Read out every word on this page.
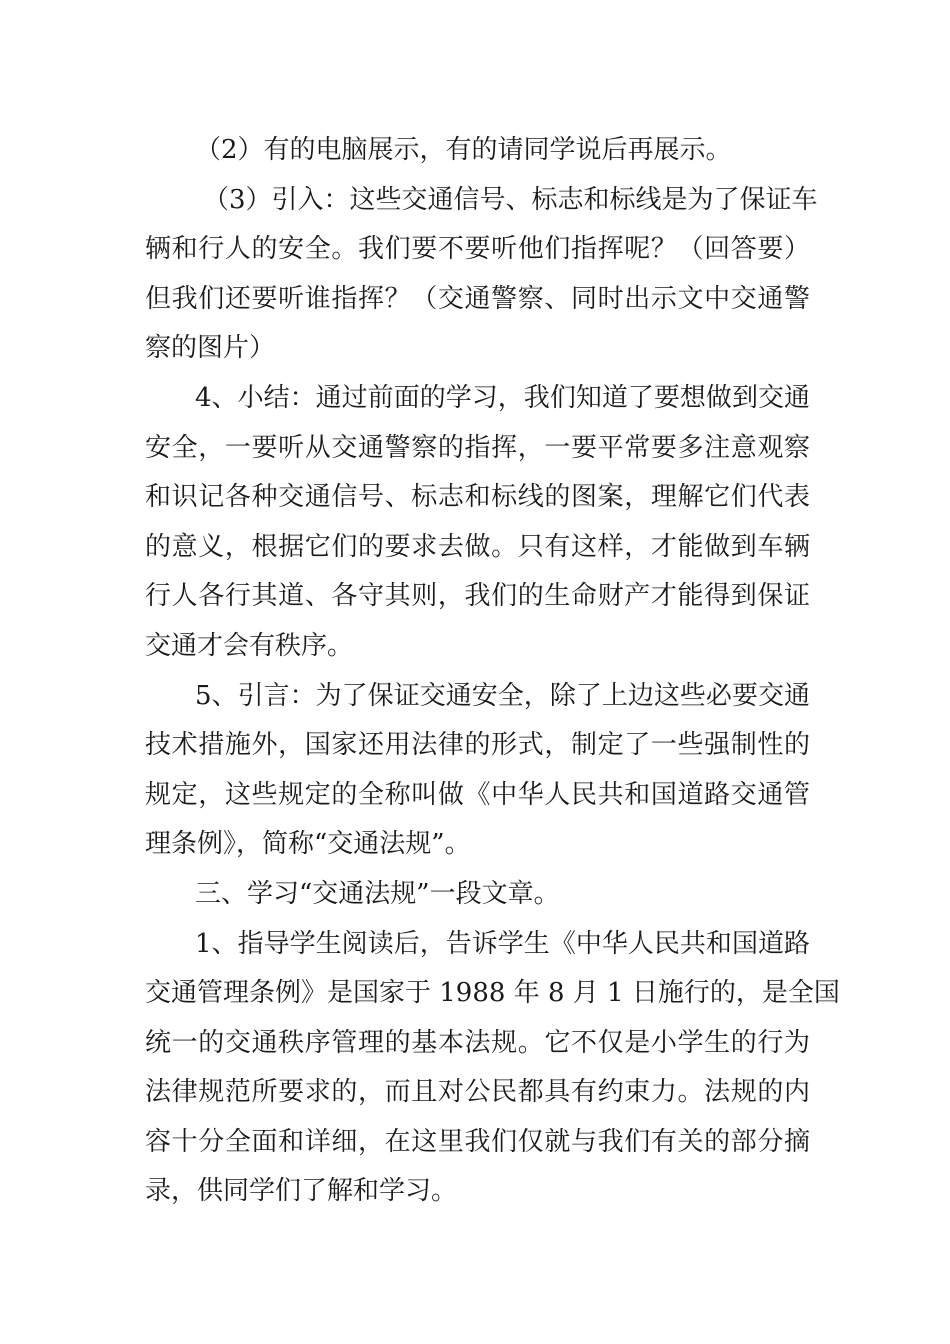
（2）有的电脑展示，有的请同学说后再展示。
（3）引入：这些交通信号、标志和标线是为了保证车
辆和行人的安全。我们要不要听他们指挥呢？（回答要）
但我们还要听谁指挥？（交通警察、同时出示文中交通警
察的图片）
4、小结：通过前面的学习，我们知道了要想做到交通
安全，一要听从交通警察的指挥，一要平常要多注意观察
和识记各种交通信号、标志和标线的图案，理解它们代表
的意义，根据它们的要求去做。只有这样，才能做到车辆
行人各行其道、各守其则，我们的生命财产才能得到保证
交通才会有秩序。
5、引言：为了保证交通安全，除了上边这些必要交通
技术措施外，国家还用法律的形式，制定了一些强制性的
规定，这些规定的全称叫做《中华人民共和国道路交通管
理条例》，简称“交通法规”。
三、学习“交通法规”一段文章。
1、指导学生阅读后，告诉学生《中华人民共和国道路
交通管理条例》是国家于 1988 年 8 月 1 日施行的，是全国
统一的交通秩序管理的基本法规。它不仅是小学生的行为
法律规范所要求的，而且对公民都具有约束力。法规的内
容十分全面和详细，在这里我们仅就与我们有关的部分摘
录，供同学们了解和学习。
